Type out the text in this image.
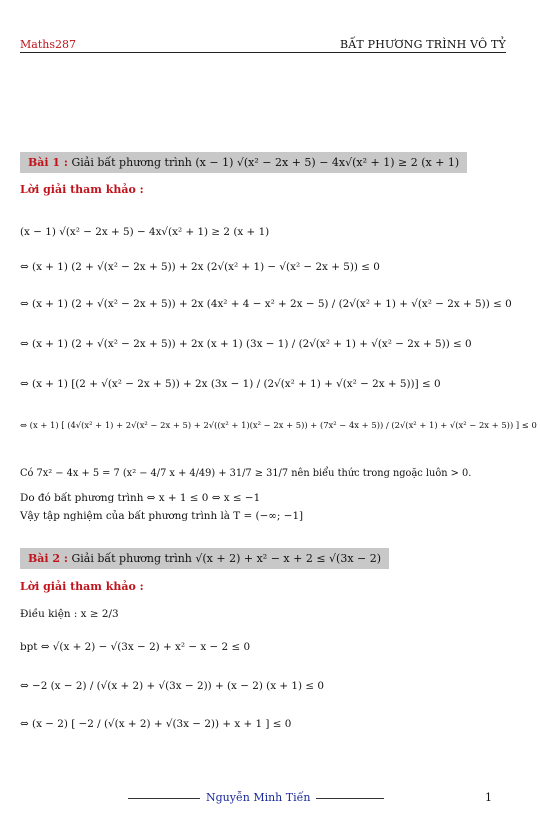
Maths287	BẤT PHƯƠNG TRÌNH VÔ TỶ
Bài 1 : Giải bất phương trình (x − 1) √(x² − 2x + 5) − 4x√(x² + 1) ≥ 2 (x + 1)
Lời giải tham khảo :
(x − 1) √(x² − 2x + 5) − 4x√(x² + 1) ≥ 2 (x + 1)
⇔ (x + 1) (2 + √(x² − 2x + 5)) + 2x (2√(x² + 1) − √(x² − 2x + 5)) ≤ 0
⇔ (x + 1) (2 + √(x² − 2x + 5)) + 2x (4x² + 4 − x² + 2x − 5) / (2√(x² + 1) + √(x² − 2x + 5)) ≤ 0
⇔ (x + 1) (2 + √(x² − 2x + 5)) + 2x (x + 1) (3x − 1) / (2√(x² + 1) + √(x² − 2x + 5)) ≤ 0
⇔ (x + 1) [(2 + √(x² − 2x + 5)) + 2x (3x − 1) / (2√(x² + 1) + √(x² − 2x + 5))] ≤ 0
⇔ (x + 1) [ (4√(x² + 1) + 2√(x² − 2x + 5) + 2√((x² + 1)(x² − 2x + 5)) + (7x² − 4x + 5)) / (2√(x² + 1) + √(x² − 2x + 5)) ] ≤ 0
Có 7x² − 4x + 5 = 7 (x² − 4/7 x + 4/49) + 31/7 ≥ 31/7 nên biểu thức trong ngoặc luôn > 0.
Do đó bất phương trình ⇔ x + 1 ≤ 0 ⇔ x ≤ −1
Vậy tập nghiệm của bất phương trình là T = (−∞; −1]
Bài 2 : Giải bất phương trình √(x + 2) + x² − x + 2 ≤ √(3x − 2)
Lời giải tham khảo :
Điều kiện : x ≥ 2/3
bpt ⇔ √(x + 2) − √(3x − 2) + x² − x − 2 ≤ 0
⇔ −2 (x − 2) / (√(x + 2) + √(3x − 2)) + (x − 2) (x + 1) ≤ 0
⇔ (x − 2) [ −2 / (√(x + 2) + √(3x − 2)) + x + 1 ] ≤ 0
Nguyễn Minh Tiến	1
